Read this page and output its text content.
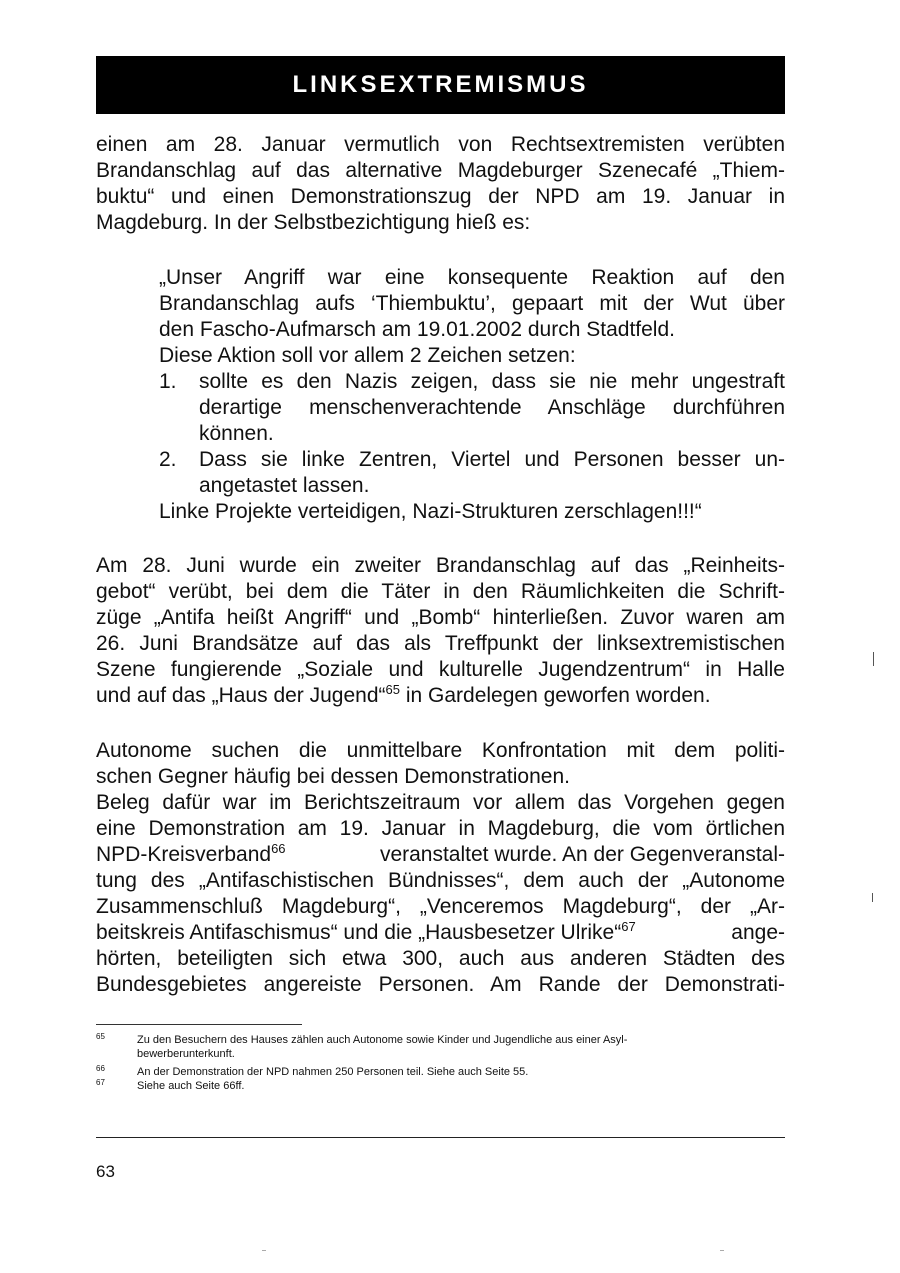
LINKSEXTREMISMUS
einen am 28. Januar vermutlich von Rechtsextremisten verübten
Brandanschlag auf das alternative Magdeburger Szenecafé „Thiem-
buktu“ und einen Demonstrationszug der NPD am 19. Januar in
Magdeburg. In der Selbstbezichtigung hieß es:
„Unser Angriff war eine konsequente Reaktion auf den
Brandanschlag aufs ‘Thiembuktu’, gepaart mit der Wut über
den Fascho-Aufmarsch am 19.01.2002 durch Stadtfeld.
Diese Aktion soll vor allem 2 Zeichen setzen:
1. sollte es den Nazis zeigen, dass sie nie mehr ungestraft
derartige menschenverachtende Anschläge durchführen
können.
2. Dass sie linke Zentren, Viertel und Personen besser un-
angetastet lassen.
Linke Projekte verteidigen, Nazi-Strukturen zerschlagen!!!“
Am 28. Juni wurde ein zweiter Brandanschlag auf das „Reinheits-
gebot“ verübt, bei dem die Täter in den Räumlichkeiten die Schrift-
züge „Antifa heißt Angriff“ und „Bomb“ hinterließen. Zuvor waren am
26. Juni Brandsätze auf das als Treffpunkt der linksextremistischen
Szene fungierende „Soziale und kulturelle Jugendzentrum“ in Halle
und auf das „Haus der Jugend“$^{65}$ in Gardelegen geworfen worden.
Autonome suchen die unmittelbare Konfrontation mit dem politi-
schen Gegner häufig bei dessen Demonstrationen.
Beleg dafür war im Berichtszeitraum vor allem das Vorgehen gegen
eine Demonstration am 19. Januar in Magdeburg, die vom örtlichen
NPD-Kreisverband$^{66}$	veranstaltet wurde. An der Gegenveranstal-
tung des „Antifaschistischen Bündnisses“, dem auch der „Autonome
Zusammenschluß Magdeburg“, „Venceremos Magdeburg“, der „Ar-
beitskreis Antifaschismus“ und die „Hausbesetzer Ulrike“$^{67}$	ange-
hörten, beteiligten sich etwa 300, auch aus anderen Städten des
Bundesgebietes angereiste Personen. Am Rande der Demonstrati-
65	Zu den Besuchern des Hauses zählen auch Autonome sowie Kinder und Jugendliche aus einer Asyl-
bewerberunterkunft.
66	An der Demonstration der NPD nahmen 250 Personen teil. Siehe auch Seite 55.
67	Siehe auch Seite 66ff.
63
